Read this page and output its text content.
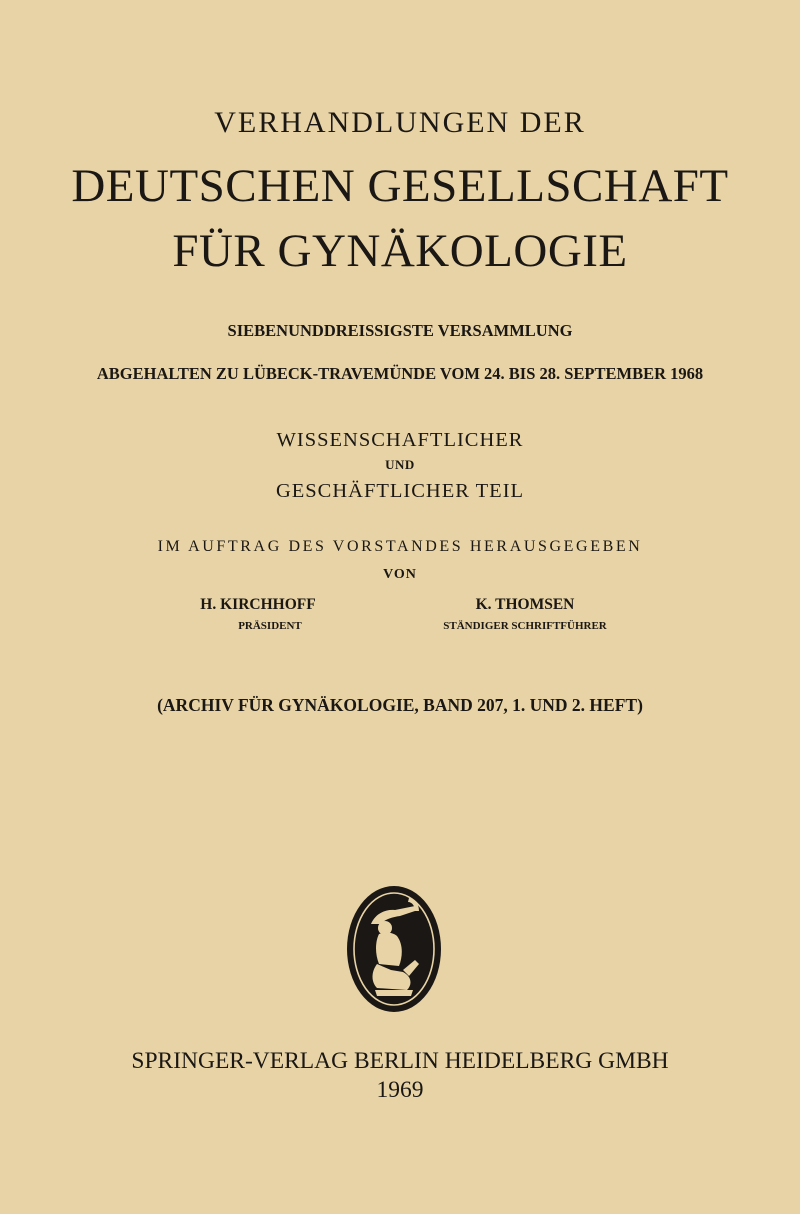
VERHANDLUNGEN DER
DEUTSCHEN GESELLSCHAFT
FÜR GYNÄKOLOGIE
SIEBENUNDDREISSIGSTE VERSAMMLUNG
ABGEHALTEN ZU LÜBECK-TRAVEMÜNDE VOM 24. BIS 28. SEPTEMBER 1968
WISSENSCHAFTLICHER
UND
GESCHÄFTLICHER TEIL
IM AUFTRAG DES VORSTANDES HERAUSGEGEBEN
VON
H. KIRCHHOFF
PRÄSIDENT
K. THOMSEN
STÄNDIGER SCHRIFTFÜHRER
(ARCHIV FÜR GYNÄKOLOGIE, BAND 207, 1. UND 2. HEFT)
SPRINGER-VERLAG BERLIN HEIDELBERG GMBH
1969
